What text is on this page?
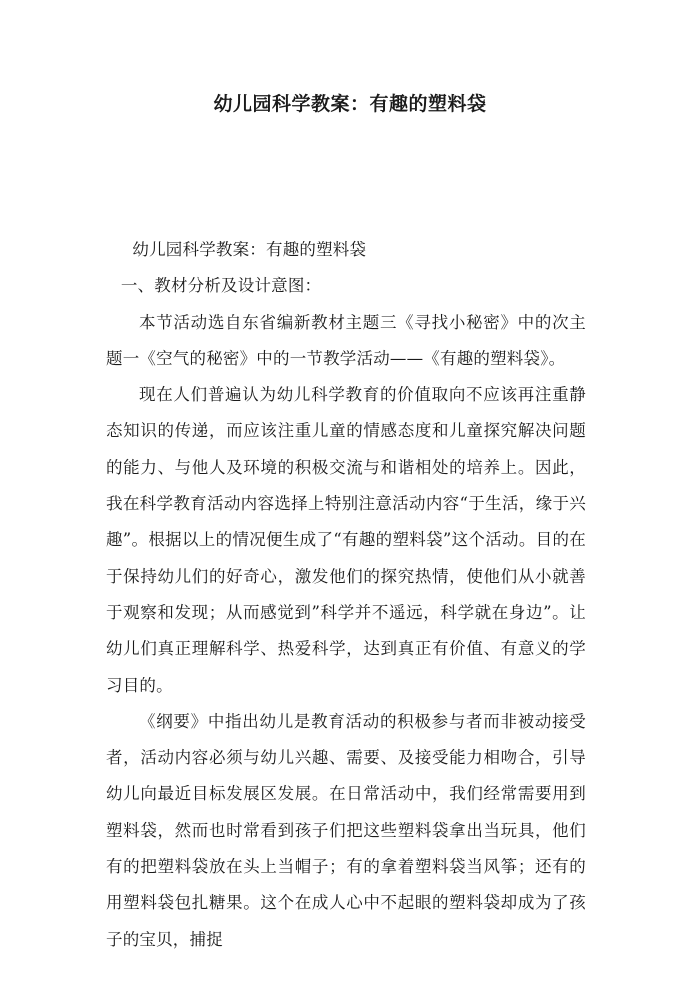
幼儿园科学教案：有趣的塑料袋

幼儿园科学教案：有趣的塑料袋

一、教材分析及设计意图：

本节活动选自东省编新教材主题三《寻找小秘密》中的次主题一《空气的秘密》中的一节教学活动——《有趣的塑料袋》。

现在人们普遍认为幼儿科学教育的价值取向不应该再注重静态知识的传递，而应该注重儿童的情感态度和儿童探究解决问题的能力、与他人及环境的积极交流与和谐相处的培养上。因此，我在科学教育活动内容选择上特别注意活动内容“于生活，缘于兴趣”。根据以上的情况便生成了“有趣的塑料袋”这个活动。目的在于保持幼儿们的好奇心，激发他们的探究热情，使他们从小就善于观察和发现；从而感觉到”科学并不遥远，科学就在身边”。让幼儿们真正理解科学、热爱科学，达到真正有价值、有意义的学习目的。

《纲要》中指出幼儿是教育活动的积极参与者而非被动接受者，活动内容必须与幼儿兴趣、需要、及接受能力相吻合，引导幼儿向最近目标发展区发展。在日常活动中，我们经常需要用到塑料袋，然而也时常看到孩子们把这些塑料袋拿出当玩具，他们有的把塑料袋放在头上当帽子；有的拿着塑料袋当风筝；还有的用塑料袋包扎糖果。这个在成人心中不起眼的塑料袋却成为了孩子的宝贝，捕捉
